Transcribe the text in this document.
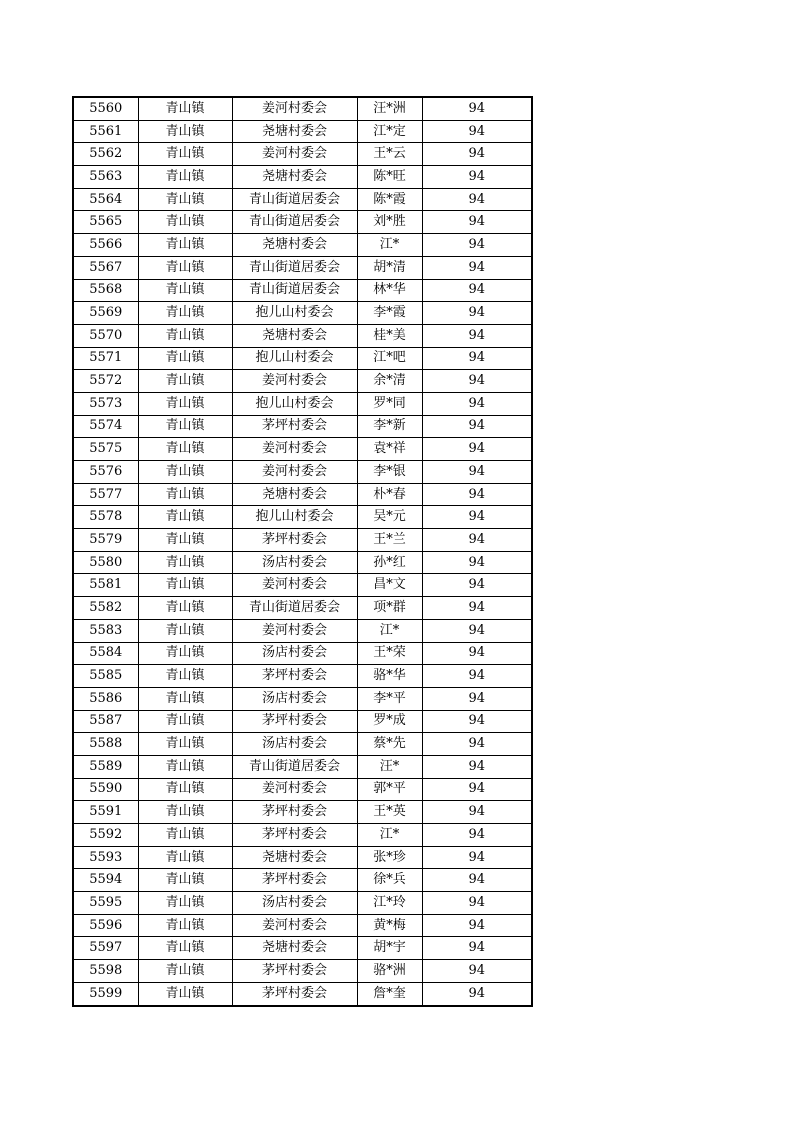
5560	青山镇	姜河村委会	汪*洲	94
5561	青山镇	尧塘村委会	江*定	94
5562	青山镇	姜河村委会	王*云	94
5563	青山镇	尧塘村委会	陈*旺	94
5564	青山镇	青山街道居委会	陈*霞	94
5565	青山镇	青山街道居委会	刘*胜	94
5566	青山镇	尧塘村委会	江*	94
5567	青山镇	青山街道居委会	胡*清	94
5568	青山镇	青山街道居委会	林*华	94
5569	青山镇	抱儿山村委会	李*霞	94
5570	青山镇	尧塘村委会	桂*美	94
5571	青山镇	抱儿山村委会	江*吧	94
5572	青山镇	姜河村委会	余*清	94
5573	青山镇	抱儿山村委会	罗*同	94
5574	青山镇	茅坪村委会	李*新	94
5575	青山镇	姜河村委会	袁*祥	94
5576	青山镇	姜河村委会	李*银	94
5577	青山镇	尧塘村委会	朴*春	94
5578	青山镇	抱儿山村委会	吴*元	94
5579	青山镇	茅坪村委会	王*兰	94
5580	青山镇	汤店村委会	孙*红	94
5581	青山镇	姜河村委会	昌*文	94
5582	青山镇	青山街道居委会	项*群	94
5583	青山镇	姜河村委会	江*	94
5584	青山镇	汤店村委会	王*荣	94
5585	青山镇	茅坪村委会	骆*华	94
5586	青山镇	汤店村委会	李*平	94
5587	青山镇	茅坪村委会	罗*成	94
5588	青山镇	汤店村委会	蔡*先	94
5589	青山镇	青山街道居委会	汪*	94
5590	青山镇	姜河村委会	郭*平	94
5591	青山镇	茅坪村委会	王*英	94
5592	青山镇	茅坪村委会	江*	94
5593	青山镇	尧塘村委会	张*珍	94
5594	青山镇	茅坪村委会	徐*兵	94
5595	青山镇	汤店村委会	江*玲	94
5596	青山镇	姜河村委会	黄*梅	94
5597	青山镇	尧塘村委会	胡*宇	94
5598	青山镇	茅坪村委会	骆*洲	94
5599	青山镇	茅坪村委会	詹*奎	94
